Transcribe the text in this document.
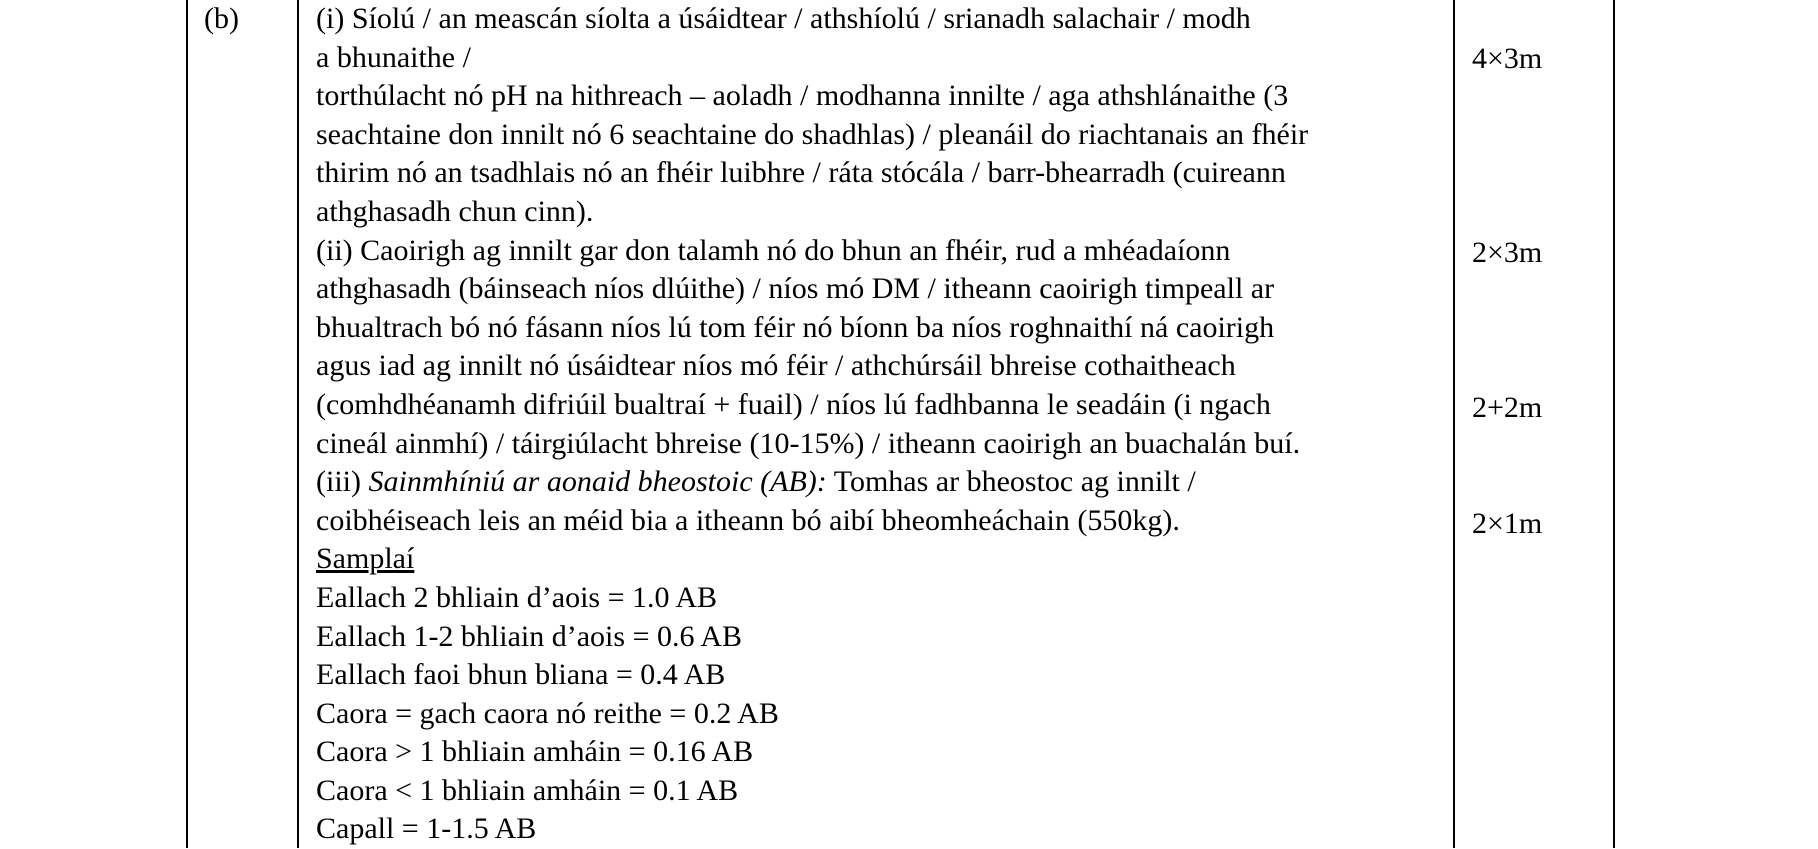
(b)	(i) Síolú / an meascán síolta a úsáidtear / athshíolú / srianadh salachair / modh
a bhunaithe /
torthúlacht nó pH na hithreach – aoladh / modhanna innilte / aga athshlánaithe (3
seachtaine don innilt nó 6 seachtaine do shadhlas) / pleanáil do riachtanais an fhéir
thirim nó an tsadhlais nó an fhéir luibhre / ráta stócála / barr-bhearradh (cuireann
athghasadh chun cinn).
(ii) Caoirigh ag innilt gar don talamh nó do bhun an fhéir, rud a mhéadaíonn
athghasadh (báinseach níos dlúithe) / níos mó DM / itheann caoirigh timpeall ar
bhualtrach bó nó fásann níos lú tom féir nó bíonn ba níos roghnaithí ná caoirigh
agus iad ag innilt nó úsáidtear níos mó féir / athchúrsáil bhreise cothaitheach
(comhdhéanamh difriúil bualtraí + fuail) / níos lú fadhbanna le seadáin (i ngach
cineál ainmhí) / táirgiúlacht bhreise (10-15%) / itheann caoirigh an buachalán buí.
(iii) Sainmhíniú ar aonaid bheostoic (AB): Tomhas ar bheostoc ag innilt /
coibhéiseach leis an méid bia a itheann bó aibí bheomheáchain (550kg).
Samplaí
Eallach 2 bhliain d’aois = 1.0 AB
Eallach 1-2 bhliain d’aois = 0.6 AB
Eallach faoi bhun bliana = 0.4 AB
Caora = gach caora nó reithe = 0.2 AB
Caora > 1 bhliain amháin = 0.16 AB
Caora < 1 bhliain amháin = 0.1 AB
Capall = 1-1.5 AB
4×3m
2×3m
2+2m
2×1m
